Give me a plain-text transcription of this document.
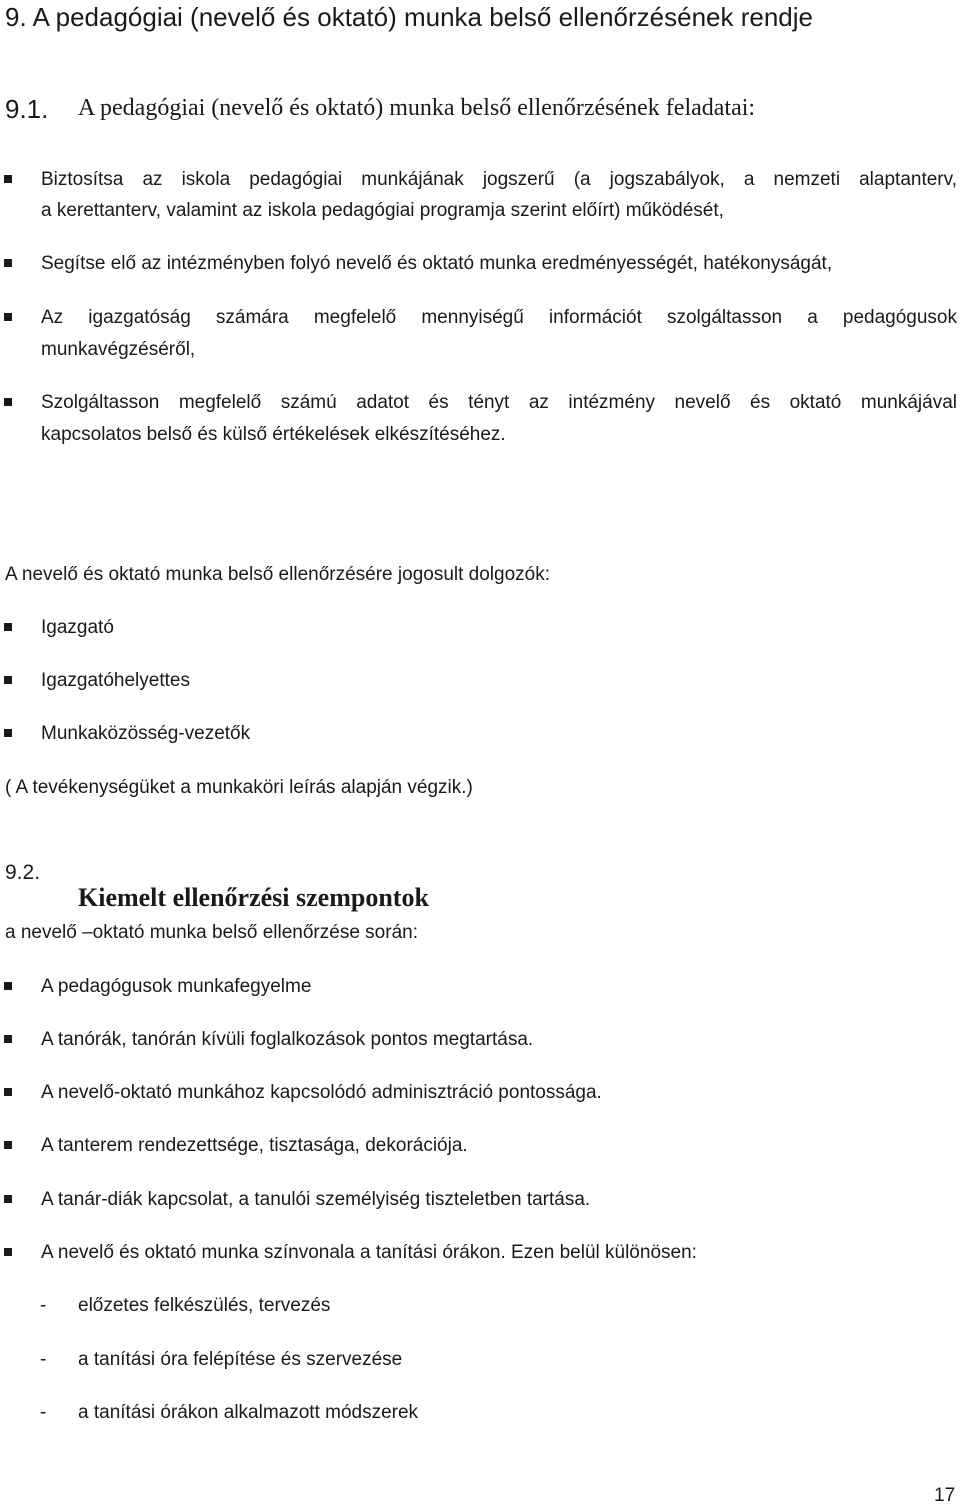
9. A pedagógiai (nevelő és oktató) munka belső ellenőrzésének rendje
9.1. A pedagógiai (nevelő és oktató) munka belső ellenőrzésének feladatai:
Biztosítsa az iskola pedagógiai munkájának jogszerű (a jogszabályok, a nemzeti alaptanterv,
a kerettanterv, valamint az iskola pedagógiai programja szerint előírt) működését,
Segítse elő az intézményben folyó nevelő és oktató munka eredményességét, hatékonyságát,
Az igazgatóság számára megfelelő mennyiségű információt szolgáltasson a pedagógusok
munkavégzéséről,
Szolgáltasson megfelelő számú adatot és tényt az intézmény nevelő és oktató munkájával
kapcsolatos belső és külső értékelések elkészítéséhez.
A nevelő és oktató munka belső ellenőrzésére jogosult dolgozók:
Igazgató
Igazgatóhelyettes
Munkaközösség-vezetők
( A tevékenységüket a munkaköri leírás alapján végzik.)
9.2.
Kiemelt ellenőrzési szempontok
a nevelő –oktató munka belső ellenőrzése során:
A pedagógusok munkafegyelme
A tanórák, tanórán kívüli foglalkozások pontos megtartása.
A nevelő-oktató munkához kapcsolódó adminisztráció pontossága.
A tanterem rendezettsége, tisztasága, dekorációja.
A tanár-diák kapcsolat, a tanulói személyiség tiszteletben tartása.
A nevelő és oktató munka színvonala a tanítási órákon. Ezen belül különösen:
- előzetes felkészülés, tervezés
- a tanítási óra felépítése és szervezése
- a tanítási órákon alkalmazott módszerek
17
